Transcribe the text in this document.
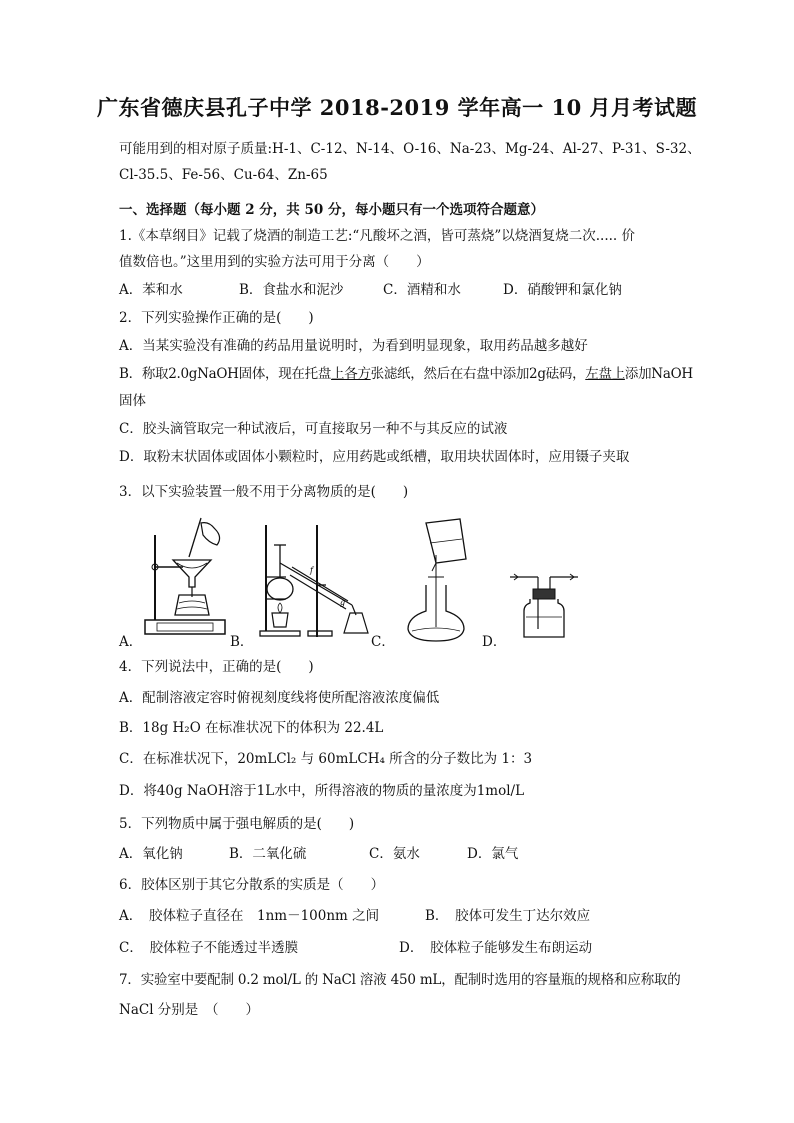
广东省德庆县孔子中学 2018-2019 学年高一 10 月月考试题
可能用到的相对原子质量:H-1、C-12、N-14、O-16、Na-23、Mg-24、Al-27、P-31、S-32、
Cl-35.5、Fe-56、Cu-64、Zn-65
一、选择题（每小题 2 分，共 50 分，每小题只有一个选项符合题意）
1.《本草纲目》记载了烧酒的制造工艺:“凡酸坏之酒，皆可蒸烧”以烧酒复烧二次..... 价
值数倍也。”这里用到的实验方法可用于分离（　　）
A．苯和水	B．食盐水和泥沙	C．酒精和水	D．硝酸钾和氯化钠
2．下列实验操作正确的是(　　)
A．当某实验没有准确的药品用量说明时，为看到明显现象，取用药品越多越好
B．称取2.0gNaOH固体，现在托盘上各方张滤纸，然后在右盘中添加2g砝码，左盘上添加NaOH
固体
C．胶头滴管取完一种试液后，可直接取另一种不与其反应的试液
D．取粉末状固体或固体小颗粒时，应用药匙或纸槽，取用块状固体时，应用镊子夹取
3．以下实验装置一般不用于分离物质的是(　　)
A．
f
g
B．	C．	D．
4．下列说法中，正确的是(　　)
A．配制溶液定容时俯视刻度线将使所配溶液浓度偏低
B．18g H₂O 在标准状况下的体积为 22.4L
C．在标准状况下，20mLCl₂ 与 60mLCH₄ 所含的分子数比为 1：3
D．将40g NaOH溶于1L水中，所得溶液的物质的量浓度为1mol/L
5．下列物质中属于强电解质的是(　　)
A．氧化钠	B．二氧化硫	C．氨水	D．氯气
6．胶体区别于其它分散系的实质是（　　）
A．　胶体粒子直径在　1nm－100nm 之间	B．　胶体可发生丁达尔效应
C．　胶体粒子不能透过半透膜	D．　胶体粒子能够发生布朗运动
7．实验室中要配制 0.2 mol/L 的 NaCl 溶液 450 mL，配制时选用的容量瓶的规格和应称取的
NaCl 分别是　（　　）
